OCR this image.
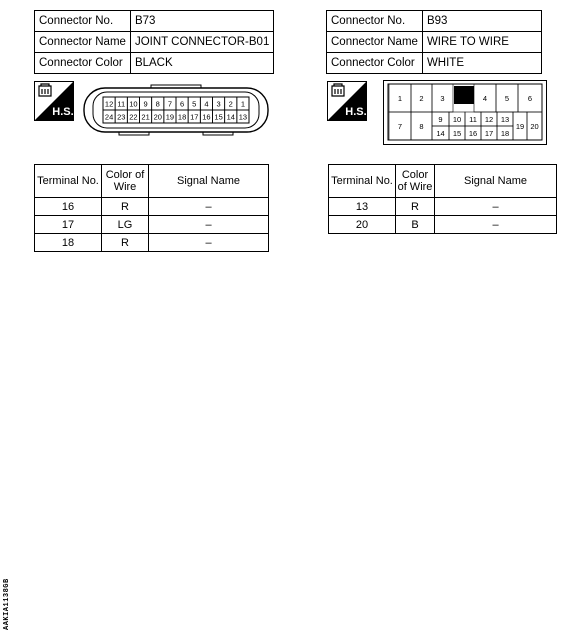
Connector No.	B73
Connector Name	JOINT CONNECTOR-B01
Connector Color	BLACK
Connector No.	B93
Connector Name	WIRE TO WIRE
Connector Color	WHITE
H.S.
12 11 10 9 8 7 6 5 4 3 2 1
24 23 22 21 20 19 18 17 16 15 14 13	H.S.
1 2 3	4 5	6
7 8
9 10 11 12 13
14 15 16 17 18
19 20
Terminal No.	Color of Wire	Signal Name
16	R	–
17	LG	–
18	R	–
Terminal No.	Color of Wire	Signal Name
13	R	–
20	B	–
AAKIA1138GB
